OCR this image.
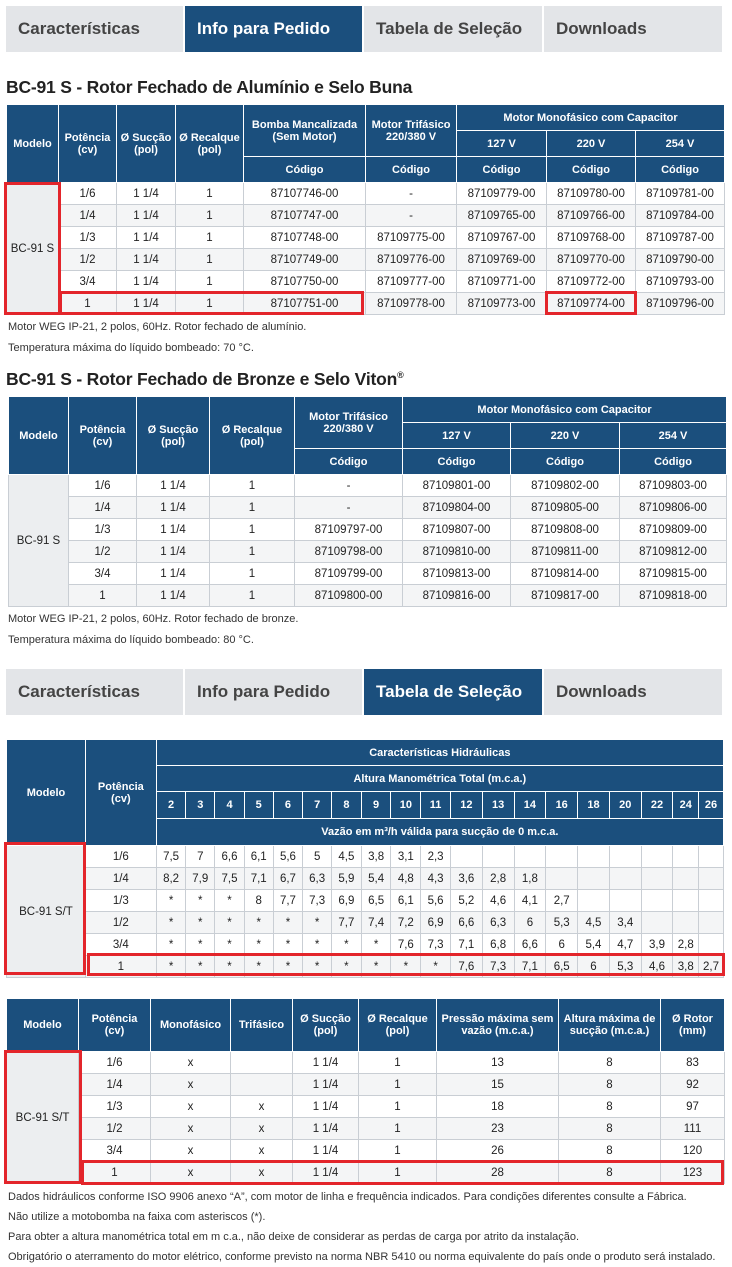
Características	Info para Pedido	Tabela de Seleção	Downloads
BC-91 S - Rotor Fechado de Alumínio e Selo Buna
Modelo	Potência (cv)	Ø Sucção (pol)	Ø Recalque (pol)	Bomba Mancalizada (Sem Motor)	Motor Trifásico 220/380 V	Motor Monofásico com Capacitor		
						127 V	220 V	254 V
				Código	Código	Código	Código	Código
BC-91 S	1/6	1 1/4	1	87107746-00	-	87109779-00	87109780-00	87109781-00
	1/4	1 1/4	1	87107747-00	-	87109765-00	87109766-00	87109784-00
	1/3	1 1/4	1	87107748-00	87109775-00	87109767-00	87109768-00	87109787-00
	1/2	1 1/4	1	87107749-00	87109776-00	87109769-00	87109770-00	87109790-00
	3/4	1 1/4	1	87107750-00	87109777-00	87109771-00	87109772-00	87109793-00
	1	1 1/4	1	87107751-00	87109778-00	87109773-00	87109774-00	87109796-00
Motor WEG IP-21, 2 polos, 60Hz. Rotor fechado de alumínio.
Temperatura máxima do líquido bombeado: 70 °C.
BC-91 S - Rotor Fechado de Bronze e Selo Viton®
Modelo	Potência (cv)	Ø Sucção (pol)	Ø Recalque (pol)	Motor Trifásico 220/380 V	Motor Monofásico com Capacitor		
					127 V	220 V	254 V
				Código	Código	Código	Código
BC-91 S	1/6	1 1/4	1	-	87109801-00	87109802-00	87109803-00
	1/4	1 1/4	1	-	87109804-00	87109805-00	87109806-00
	1/3	1 1/4	1	87109797-00	87109807-00	87109808-00	87109809-00
	1/2	1 1/4	1	87109798-00	87109810-00	87109811-00	87109812-00
	3/4	1 1/4	1	87109799-00	87109813-00	87109814-00	87109815-00
	1	1 1/4	1	87109800-00	87109816-00	87109817-00	87109818-00
Motor WEG IP-21, 2 polos, 60Hz. Rotor fechado de bronze.
Temperatura máxima do líquido bombeado: 80 °C.
Características	Info para Pedido	Tabela de Seleção	Downloads
Modelo	Potência (cv)	Características Hidráulicas																		
		Altura Manométrica Total (m.c.a.)																		
		2	3	4	5	6	7	8	9	10	11	12	13	14	16	18	20	22	24	26
		Vazão em m³/h válida para sucção de 0 m.c.a.																		
BC-91 S/T	1/6	7,5	7	6,6	6,1	5,6	5	4,5	3,8	3,1	2,3									
	1/4	8,2	7,9	7,5	7,1	6,7	6,3	5,9	5,4	4,8	4,3	3,6	2,8	1,8						
	1/3	*	*	*	8	7,7	7,3	6,9	6,5	6,1	5,6	5,2	4,6	4,1	2,7					
	1/2	*	*	*	*	*	*	7,7	7,4	7,2	6,9	6,6	6,3	6	5,3	4,5	3,4			
	3/4	*	*	*	*	*	*	*	*	7,6	7,3	7,1	6,8	6,6	6	5,4	4,7	3,9	2,8	
	1	*	*	*	*	*	*	*	*	*	*	7,6	7,3	7,1	6,5	6	5,3	4,6	3,8	2,7
Modelo	Potência (cv)	Monofásico	Trifásico	Ø Sucção (pol)	Ø Recalque (pol)	Pressão máxima sem vazão (m.c.a.)	Altura máxima de sucção (m.c.a.)	Ø Rotor (mm)
BC-91 S/T	1/6	x		1 1/4	1	13	8	83
	1/4	x		1 1/4	1	15	8	92
	1/3	x	x	1 1/4	1	18	8	97
	1/2	x	x	1 1/4	1	23	8	111
	3/4	x	x	1 1/4	1	26	8	120
	1	x	x	1 1/4	1	28	8	123
Dados hidráulicos conforme ISO 9906 anexo “A”, com motor de linha e frequência indicados. Para condições diferentes consulte a Fábrica.
Não utilize a motobomba na faixa com asteriscos (*).
Para obter a altura manométrica total em m c.a., não deixe de considerar as perdas de carga por atrito da instalação.
Obrigatório o aterramento do motor elétrico, conforme previsto na norma NBR 5410 ou norma equivalente do país onde o produto será instalado.
